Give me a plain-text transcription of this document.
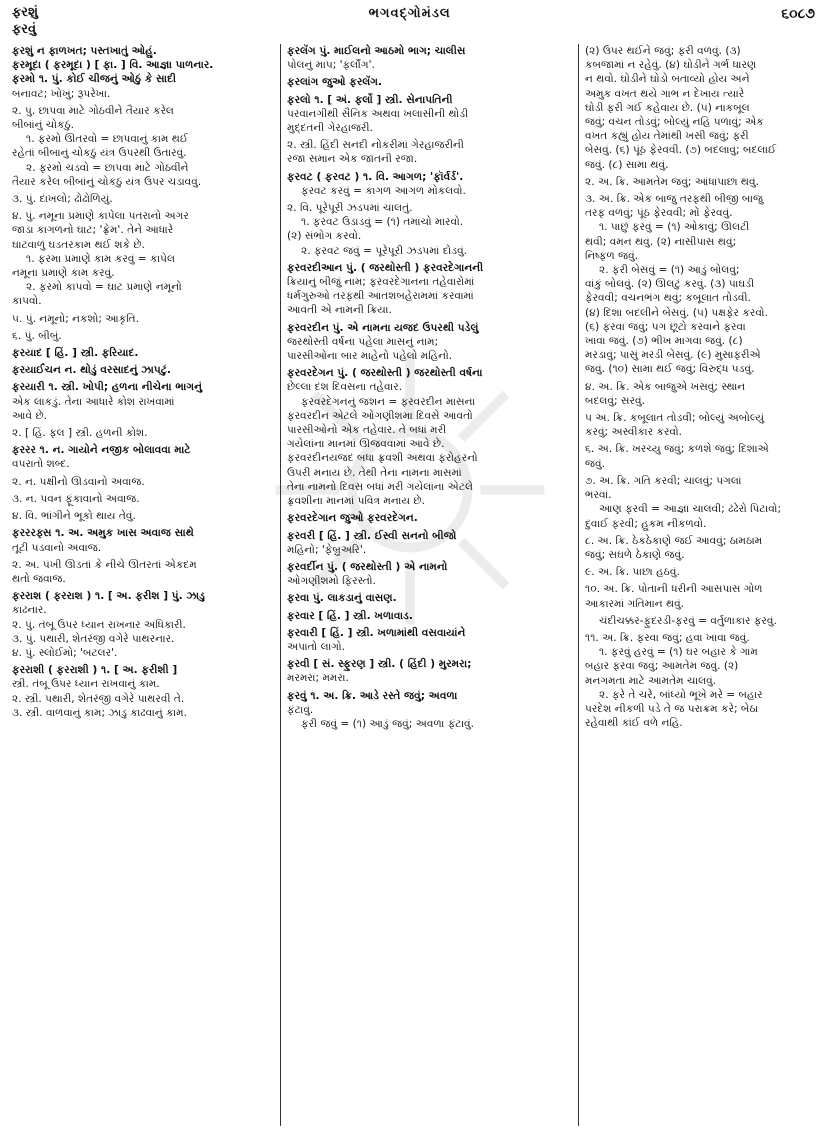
ફરશું
ફરવું
ભગવદ્ગોમંડલ	૬૦૮૭
ફરશું ન ફાળખત; પસ્તખાતું ઓહું.
ફરમૂદા ( ફરમૂદા ) [ ફા. ] વિ. આજ્ઞા પાળનાર.
ફરમો ૧. પું. કોઈ ચીજનું ઓઠું કે સાદી
બનાવટ; ખોખું; રૂપરેખા.
૨. પું. છાપવા માટે ગોઠવીને તૈયાર કરેલ
બીબાંનું ચોકઠું.
૧. ફરમો ઊતરવો = છાપવાનું કામ થઈ
રહેતાં બીબાનું ચોકઠું યંત્ર ઉપરથી ઉતારવું.
૨. ફરમો ચડવો = છાપવા માટે ગોઠવીને
તૈયાર કરેલ બીબાંનું ચોકઠું યંત્ર ઉપર ચડાવવું.
૩. પું. દાખલો; ઢોઢોળિયું.
૪. પું. નમૂના પ્રમાણે કાપેલા પતરાનો અગર
જાડા કાગળનો ઘાટ; 'ફ્રેમ'. તેને આધારે
ઘાટવાળું ઘડતરકામ થઈ શકે છે.
૧. ફરમા પ્રમાણે કામ કરવું = કાપેલ
નમૂના પ્રમાણે કામ કરવું.
૨. ફરમો કાપવો = ઘાટ પ્રમાણે નમૂનો
કાપવો.
૫. પું. નમૂનો; નકશો; આકૃતિ.
૬. પું. બીબું.
ફરયાદ [ હિં. ] સ્ત્રી. ફરિયાદ.
ફરયાર્ઈચન ન. થોડું વરસાદનું ઝાપટું.
ફરયારી ૧. સ્ત્રી. ખોપી; હળના નીચેના ભાગનું
એક લાકડું. તેના આધારે કોશ રાખવામાં
આવે છે.
૨. [ હિં. ફલ ] સ્ત્રી. હળની કોશ.
ફરરર ૧. ન. ગાયોને નજીક બોલાવવા માટે
વપરાતો શબ્દ.
૨. ન. પક્ષીનો ઊડવાનો અવાજ.
૩. ન. પવન ફૂંકાવાનો અવાજ.
૪. વિ. ભાંગીને ભૂકો થાય તેવું.
ફરરરફ્સ ૧. અ. અમુક ખાસ અવાજ સાથે
તૂટી પડવાનો અવાજ.
૨. અ. પંખી ઊડતાં કે નીચે ઊતરતાં એકદમ
થતો જવાજ.
ફરરાશ ( ફરરાશ ) ૧. [ અ. ફરીશ ] પું. ઝાડુ
કાઢનાર.
૨. પું. તંબૂ ઉપર ધ્યાન રાખનાર અધિકારી.
૩. પું. પથારી, શેતરંજી વગેરે પાથરનાર.
૪. પું. સ્લોઈમો; 'બટલર'.
ફરરાશી ( ફરરાશી ) ૧. [ અ. ફરીશી ]
સ્ત્રી. તંબૂ ઉપર ધ્યાન રાખવાનું કામ.
૨. સ્ત્રી. પથારી, શેતરંજી વગેરે પાથરવી તે.
૩. સ્ત્રી. વાળવાનું કામ; ઝાડુ કાઢવાનું કામ.
ફરલૅંગ પું. માઈલનો આઠમો ભાગ; ચાલીસ
પોલનું માપ; 'ફર્લૉંગ'.
ફરલાંગ જુઓ ફરલૅંગ.
ફરલો ૧. [ અં. ફર્લો ] સ્ત્રી. સેનાપતિની
પરવાનગીથી સૈનિક અથવા ખલાસીની થોડી
મુદ્દતની ગેરહાજરી.
૨. સ્ત્રી. હિંદી સનદી નોકરીમાં ગેરહાજરીની
રજા સમાન એક જાતની રજા.
ફરવટ ( ફરવટ ) ૧. વિ. આગળ; 'ફૉર્વર્ડ'.
ફરવટ કરવું = કાગળ આગળ મોકલવો.
૨. વિ. પૂરેપૂરી ઝડપમાં ચાલતું.
૧. ફરવટ ઉડાડવું = (૧) તમાચો મારવો.
(૨) સંભોગ કરવો.
૨. ફરવટ જવું = પૂરેપૂરી ઝડપમાં દોડવું.
ફરવરદીઆન પું. ( જરથોસ્તી ) ફરવરદેગાનની
ક્રિયાનું બીજું નામ; ફરવરદેગાનના તહેવારોમાં
ધર્મગુરુઓ તરફથી આતશબહેરામમાં કરવામાં
આવતી એ નામની ક્રિયા.
ફરવરદીન પું. એ નામના યજદ ઉપરથી પડેલું
જરથોસ્તી વર્ષના પહેલા માસનું નામ;
પારસીઓના બાર માહેનો પહેલો મહિનો.
ફરવરદેગન પું. ( જરથોસ્તી ) જરથોસ્તી વર્ષના
છેલ્લા દશ દિવસના તહેવાર.
ફરવરદેગનનું જશન = ફરવરદીન માસના
ફરવરદીન એટલે ઓગણીશમા દિવસે આવતો
પારસીઓનો એક તહેવાર. તે બધાં મરી
ગયેલાંના માનમાં ઊજવવામાં આવે છે.
ફરવરદીનયજદ બધા ફ્રવશી અથવા ફરોહરનો
ઉપરી મનાય છે. તેથી તેના નામના માસમાં
તેના નામનો દિવસ બધાં મરી ગયેલાંના એટલે
ફ્રવશીના માનમાં પવિત્ર મનાય છે.
ફરવરદેગાન જુઓ ફરવરદેગન.
ફરવરી [ હિં. ] સ્ત્રી. ઈસ્વી સનનો બીજો
મહિનો; 'ફેબ્રુઅરિ'.
ફરવર્દીન પું. ( જરથોસ્તી ) એ નામનો
ઓગણીશમો ફિરસ્તો.
ફરવા પું. લાકડાનું વાસણ.
ફરવાર [ હિં. ] સ્ત્રી. ખળાવાડ.
ફરવારી [ હિં. ] સ્ત્રી. ખળામાંથી વસવાયાંને
અપાતો લાગો.
ફરવી [ સં. સ્ફુરણ ] સ્ત્રી. ( હિંદી ) મુરમરા;
મરમરા; મમરા.
ફરવું ૧. અ. ક્રિ. આડે રસ્તે જવું; અવળા
ફંટાવું.
ફરી જવું = (૧) આડું જવું; અવળા ફંટાવું.
(૨) ઉપર થઈને જવું; ફરી વળવું. (૩)
કબજામાં ન રહેવું. (૪) ઘોડીને ગર્ભ ધારણ
ન થવો. ઘોડીને ઘોડો બતાવ્યો હોય અને
અમુક વખત થયે ગાભ ન દેખાય ત્યારે
ઘોડી ફરી ગઈ કહેવાય છે. (૫) નાકબૂલ
જવું; વચન તોડવું; બોલ્યું નહિ પળાવું; એક
વખત કહ્યું હોય તેમાંથી ખસી જવું; ફરી
બેસવું. (૬) પૂંઠ ફેરવવી. (૭) બદલાવું; બદલાઈ
જવું. (૮) સામા થવું.
૨. અ. ક્રિ. આમતેમ જવું; આંધાપાછા થવું.
૩. અ. ક્રિ. એક બાજુ તરફથી બીજી બાજુ
તરફ વળવું; પૂંઠ ફેરવવી; મોં ફેરવવું.
૧. પાછું ફરવું = (૧) ઓકાવું; ઊલટી
થવી; વમન થવું. (૨) નાસીપાસ થવું;
નિષ્ફળ જવું.
૨. ફરી બેસવું = (૧) આડું બોલવું;
વાંકું બોલવું. (૨) ઊલટું કરવું. (૩) પાઘડી
ફેરવવી; વચનભંગ થવું; કબૂલાત તોડવી.
(૪) દિશા બદલીને બેસવું. (૫) પક્ષફેર કરવો.
(૬) ફરવા જવું; પગ છૂટો કરવાને ફરવા
ખાવા જવું. (૭) ભીખ માગવા જવું. (૮)
મરડાવું; પાસું મરડી બેસવું. (૯) મુસાફરીએ
જવું. (૧૦) સામા થઈ જવું; વિરુદ્ધ પડવું.
૪. અ. ક્રિ. એક બાજુએ ખસવું; સ્થાન
બદલવું; સરવું.
૫ અ. ક્રિ. કબૂલાત તોડવી; બોલ્યું અબોલ્યું
કરવું; અસ્વીકાર કરવો.
૬. અ. ક્રિ. ખરચ્યુ જવું; કળશે જવું; દિશાએ
જવું.
૭. અ. ક્રિ. ગતિ કરવી; ચાલવું; પગલાં
ભરવાં.
આણ ફરવી = આજ્ઞા ચાલવી; ઢંઢેરો પિટાવો;
દુવાઈ ફરવી; હુકમ નીકળવો.
૮. અ. ક્રિ. ઠેકઠેકાણે જઈ આવવું; ઠામઠામ
જવું; સઘળે ઠેકાણે જવું.
૯. અ. ક્રિ. પાછા હઠવું.
૧૦. અ. ક્રિ. પોતાની ધરીની આસપાસ ગોળ
આકારમાં ગતિમાન થવું.
ચંદીચક્કર-ફુદરડી-ફરવું = વર્તુળાકાર ફરવું.
૧૧. અ. ક્રિ. ફરવા જવું; હવા ખાવા જવું.
૧. ફરવું હરવું = (૧) ઘર બહાર કે ગામ
બહાર ફરવા જવું; આમતેમ જવું. (૨)
મનગમતા માટે આમતેમ ચાલવું.
૨. ફરે તે ચરે, બાંધ્યો ભૂખે મરે = બહાર
પરદેશ નીકળી પડે તે જ પરાક્રમ કરે; બેઠા
રહેવાથી કાંઈ વળે નહિ.
